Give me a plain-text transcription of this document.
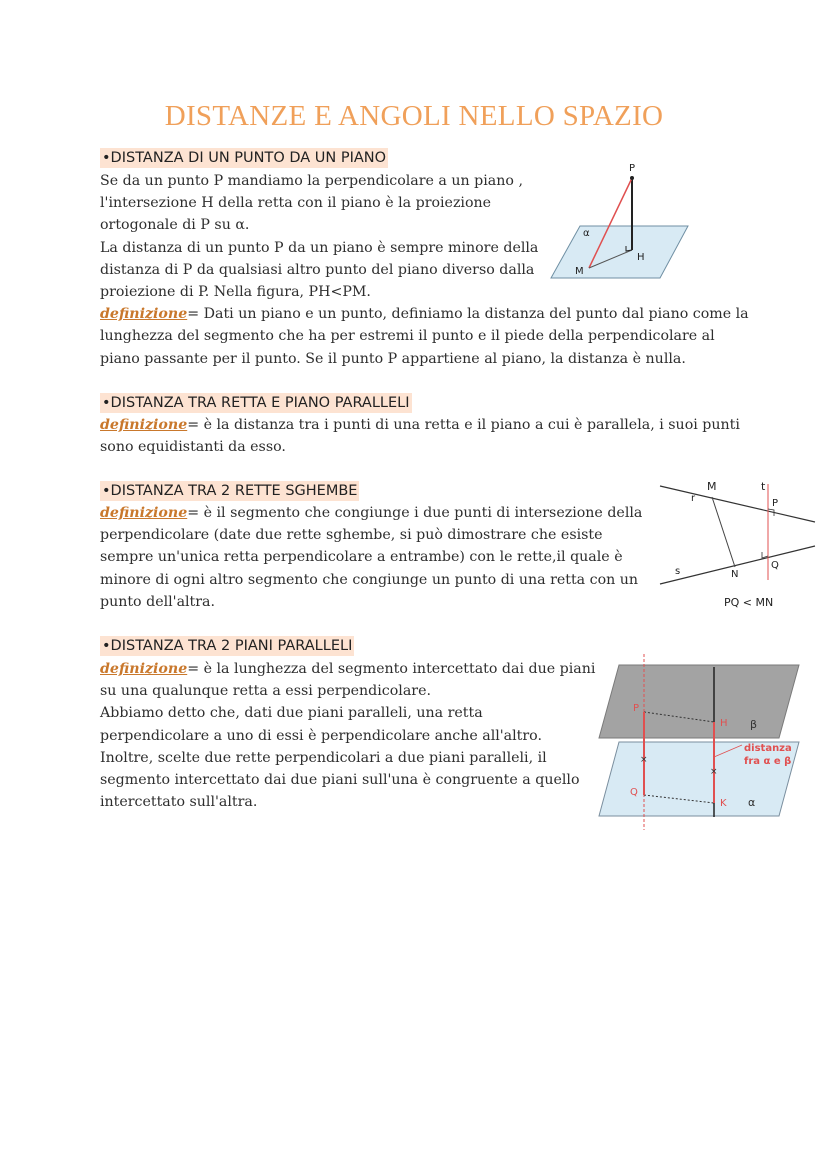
DISTANZE E ANGOLI NELLO SPAZIO
•DISTANZA DI UN PUNTO DA UN PIANO
Se da un punto P mandiamo la perpendicolare a un piano ,
l'intersezione H della retta con il piano è la proiezione
ortogonale di P su α.
La distanza di un punto P da un piano è sempre minore della
distanza di P da qualsiasi altro punto del piano diverso dalla
proiezione di P. Nella figura, PH<PM.
definizione= Dati un piano e un punto, definiamo la distanza del punto dal piano come la
lunghezza del segmento che ha per estremi il punto e il piede della perpendicolare al
piano passante per il punto. Se il punto P appartiene al piano, la distanza è nulla.
P
H
M
α
•DISTANZA TRA RETTA E PIANO PARALLELI
definizione= è la distanza tra i punti di una retta e il piano a cui è parallela, i suoi punti
sono equidistanti da esso.
•DISTANZA TRA 2 RETTE SGHEMBE
definizione= è il segmento che congiunge i due punti di intersezione della
perpendicolare (date due rette sghembe, si può dimostrare che esiste
sempre un'unica retta perpendicolare a entrambe) con le rette,il quale è
minore di ogni altro segmento che congiunge un punto di una retta con un
punto dell'altra.
M	t
r	P
Q
s	N
PQ < MN
•DISTANZA TRA 2 PIANI PARALLELI
definizione= è la lunghezza del segmento intercettato dai due piani
su una qualunque retta a essi perpendicolare.
Abbiamo detto che, dati due piani paralleli, una retta
perpendicolare a uno di essi è perpendicolare anche all'altro.
Inoltre, scelte due rette perpendicolari a due piani paralleli, il
segmento intercettato dai due piani sull'una è congruente a quello
intercettato sull'altra.
×
×
P
H β
Q
K α
distanza
fra α e β
